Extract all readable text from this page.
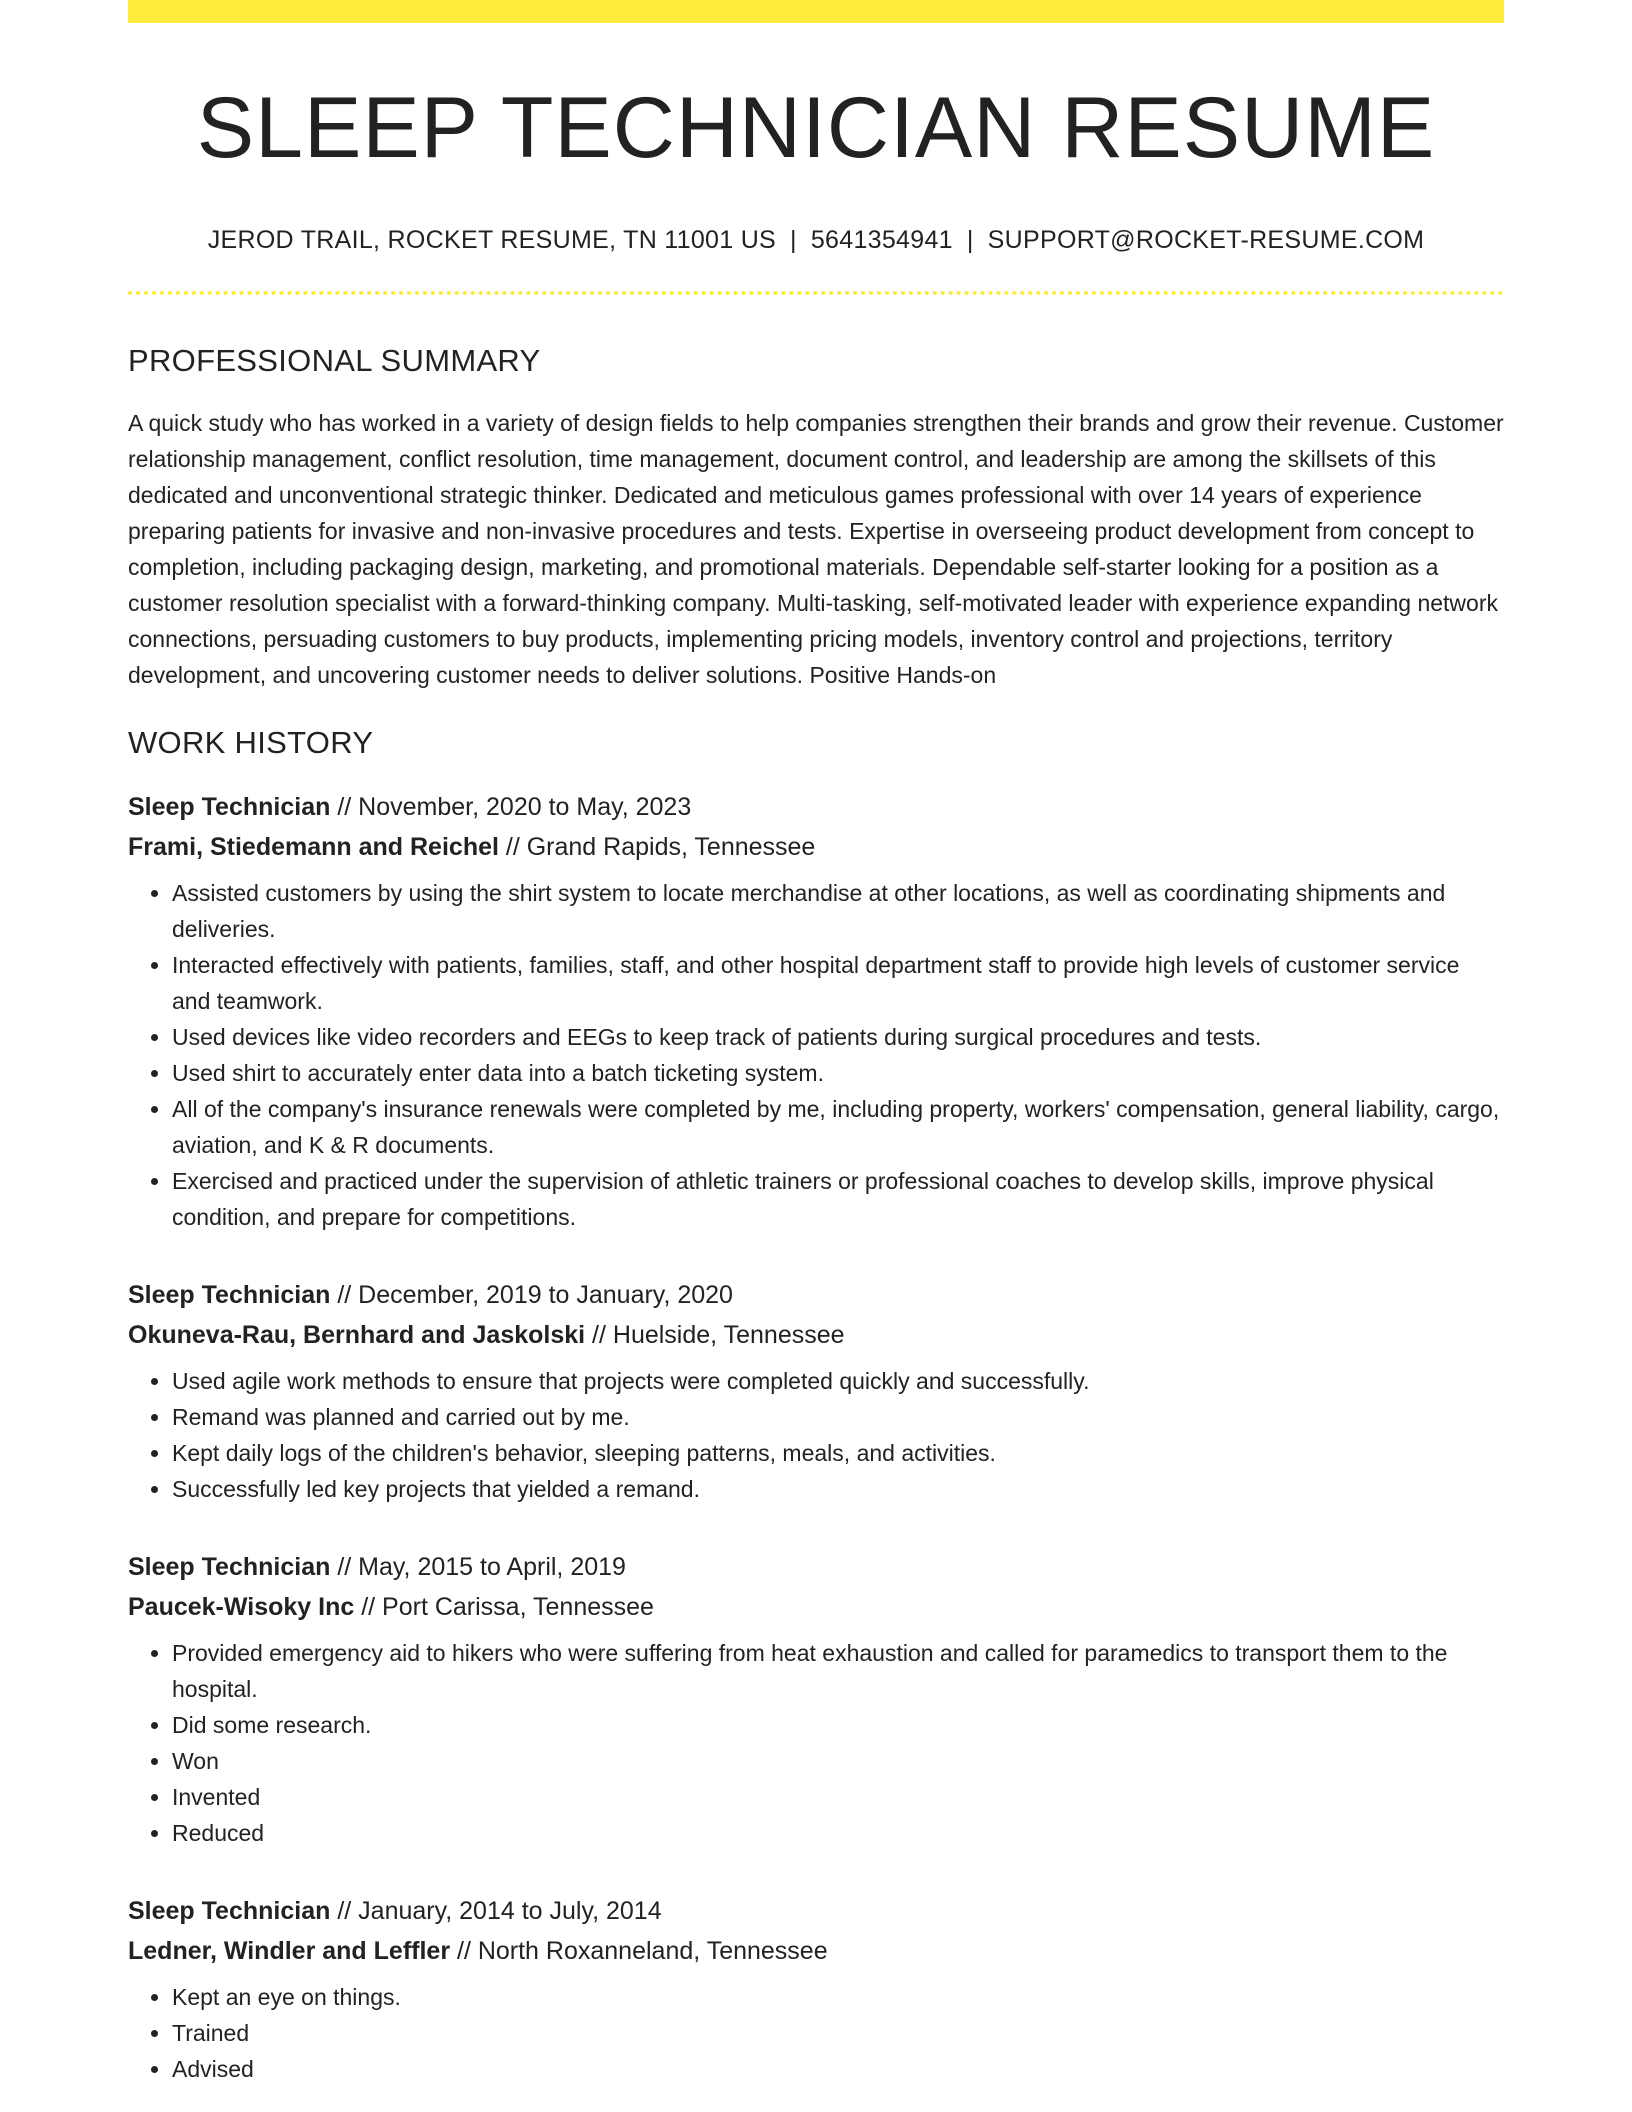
SLEEP TECHNICIAN RESUME
JEROD TRAIL, ROCKET RESUME, TN 11001 US | 5641354941 | SUPPORT@ROCKET-RESUME.COM
PROFESSIONAL SUMMARY
A quick study who has worked in a variety of design fields to help companies strengthen their brands and grow their revenue. Customer relationship management, conflict resolution, time management, document control, and leadership are among the skillsets of this dedicated and unconventional strategic thinker. Dedicated and meticulous games professional with over 14 years of experience preparing patients for invasive and non-invasive procedures and tests. Expertise in overseeing product development from concept to completion, including packaging design, marketing, and promotional materials. Dependable self-starter looking for a position as a customer resolution specialist with a forward-thinking company. Multi-tasking, self-motivated leader with experience expanding network connections, persuading customers to buy products, implementing pricing models, inventory control and projections, territory development, and uncovering customer needs to deliver solutions. Positive Hands-on
WORK HISTORY
Sleep Technician // November, 2020 to May, 2023
Frami, Stiedemann and Reichel // Grand Rapids, Tennessee
• Assisted customers by using the shirt system to locate merchandise at other locations, as well as coordinating shipments and deliveries.
• Interacted effectively with patients, families, staff, and other hospital department staff to provide high levels of customer service and teamwork.
• Used devices like video recorders and EEGs to keep track of patients during surgical procedures and tests.
• Used shirt to accurately enter data into a batch ticketing system.
• All of the company's insurance renewals were completed by me, including property, workers' compensation, general liability, cargo, aviation, and K & R documents.
• Exercised and practiced under the supervision of athletic trainers or professional coaches to develop skills, improve physical condition, and prepare for competitions.
Sleep Technician // December, 2019 to January, 2020
Okuneva-Rau, Bernhard and Jaskolski // Huelside, Tennessee
• Used agile work methods to ensure that projects were completed quickly and successfully.
• Remand was planned and carried out by me.
• Kept daily logs of the children's behavior, sleeping patterns, meals, and activities.
• Successfully led key projects that yielded a remand.
Sleep Technician // May, 2015 to April, 2019
Paucek-Wisoky Inc // Port Carissa, Tennessee
• Provided emergency aid to hikers who were suffering from heat exhaustion and called for paramedics to transport them to the hospital.
• Did some research.
• Won
• Invented
• Reduced
Sleep Technician // January, 2014 to July, 2014
Ledner, Windler and Leffler // North Roxanneland, Tennessee
• Kept an eye on things.
• Trained
• Advised
